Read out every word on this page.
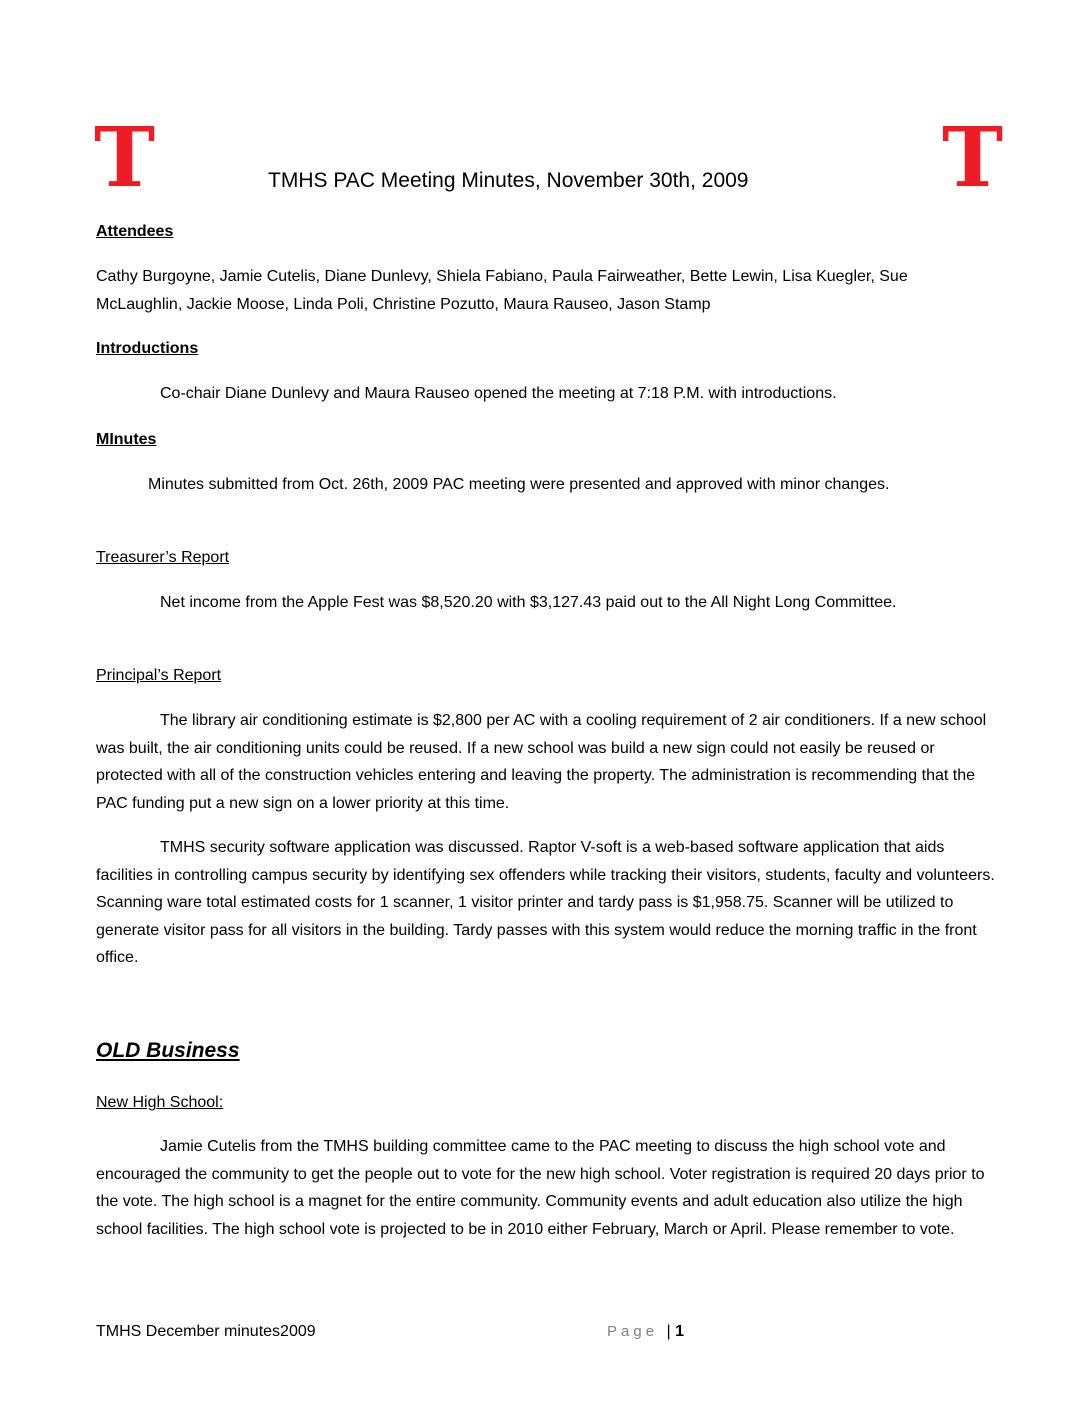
T	TMHS PAC Meeting Minutes, November 30th, 2009 T
Attendees

Cathy Burgoyne, Jamie Cutelis, Diane Dunlevy, Shiela Fabiano, Paula Fairweather, Bette Lewin, Lisa Kuegler, Sue McLaughlin, Jackie Moose, Linda Poli, Christine Pozutto, Maura Rauseo, Jason Stamp

Introductions

Co-chair Diane Dunlevy and Maura Rauseo opened the meeting at 7:18 P.M. with introductions.

MInutes

Minutes submitted from Oct. 26th, 2009 PAC meeting were presented and approved with minor changes.

Treasurer’s Report

Net income from the Apple Fest was $8,520.20 with $3,127.43 paid out to the All Night Long Committee.

Principal’s Report

The library air conditioning estimate is $2,800 per AC with a cooling requirement of 2 air conditioners. If a new school was built, the air conditioning units could be reused. If a new school was build a new sign could not easily be reused or protected with all of the construction vehicles entering and leaving the property. The administration is recommending that the PAC funding put a new sign on a lower priority at this time.

TMHS security software application was discussed. Raptor V-soft is a web-based software application that aids facilities in controlling campus security by identifying sex offenders while tracking their visitors, students, faculty and volunteers. Scanning ware total estimated costs for 1 scanner, 1 visitor printer and tardy pass is $1,958.75. Scanner will be utilized to generate visitor pass for all visitors in the building. Tardy passes with this system would reduce the morning traffic in the front office.

OLD Business
New High School:

Jamie Cutelis from the TMHS building committee came to the PAC meeting to discuss the high school vote and encouraged the community to get the people out to vote for the new high school. Voter registration is required 20 days prior to the vote. The high school is a magnet for the entire community. Community events and adult education also utilize the high school facilities. The high school vote is projected to be in 2010 either February, March or April. Please remember to vote.

TMHS December minutes2009	Page | 1
